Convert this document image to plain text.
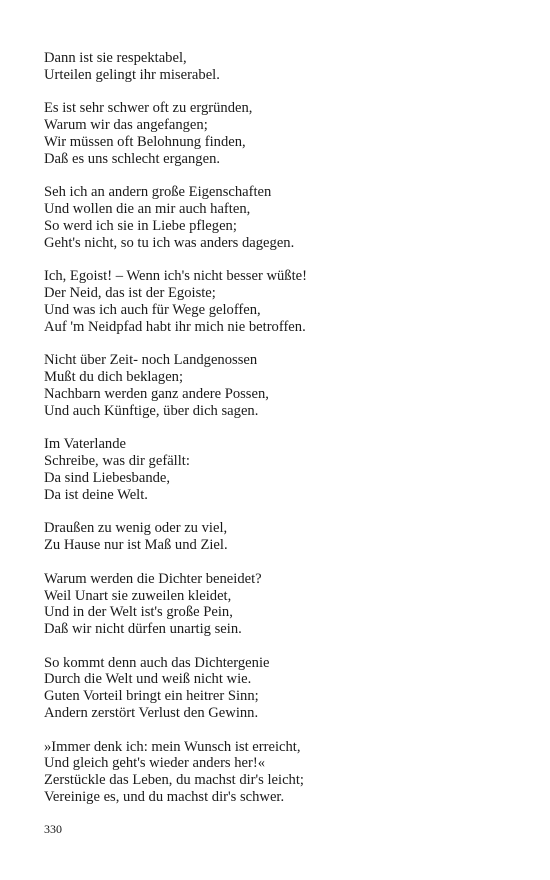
Dann ist sie respektabel,
Urteilen gelingt ihr miserabel.
Es ist sehr schwer oft zu ergründen,
Warum wir das angefangen;
Wir müssen oft Belohnung finden,
Daß es uns schlecht ergangen.
Seh ich an andern große Eigenschaften
Und wollen die an mir auch haften,
So werd ich sie in Liebe pflegen;
Geht's nicht, so tu ich was anders dagegen.
Ich, Egoist! – Wenn ich's nicht besser wüßte!
Der Neid, das ist der Egoiste;
Und was ich auch für Wege geloffen,
Auf 'm Neidpfad habt ihr mich nie betroffen.
Nicht über Zeit- noch Landgenossen
Mußt du dich beklagen;
Nachbarn werden ganz andere Possen,
Und auch Künftige, über dich sagen.
Im Vaterlande
Schreibe, was dir gefällt:
Da sind Liebesbande,
Da ist deine Welt.
Draußen zu wenig oder zu viel,
Zu Hause nur ist Maß und Ziel.
Warum werden die Dichter beneidet?
Weil Unart sie zuweilen kleidet,
Und in der Welt ist's große Pein,
Daß wir nicht dürfen unartig sein.
So kommt denn auch das Dichtergenie
Durch die Welt und weiß nicht wie.
Guten Vorteil bringt ein heitrer Sinn;
Andern zerstört Verlust den Gewinn.
»Immer denk ich: mein Wunsch ist erreicht,
Und gleich geht's wieder anders her!«
Zerstückle das Leben, du machst dir's leicht;
Vereinige es, und du machst dir's schwer.
330
